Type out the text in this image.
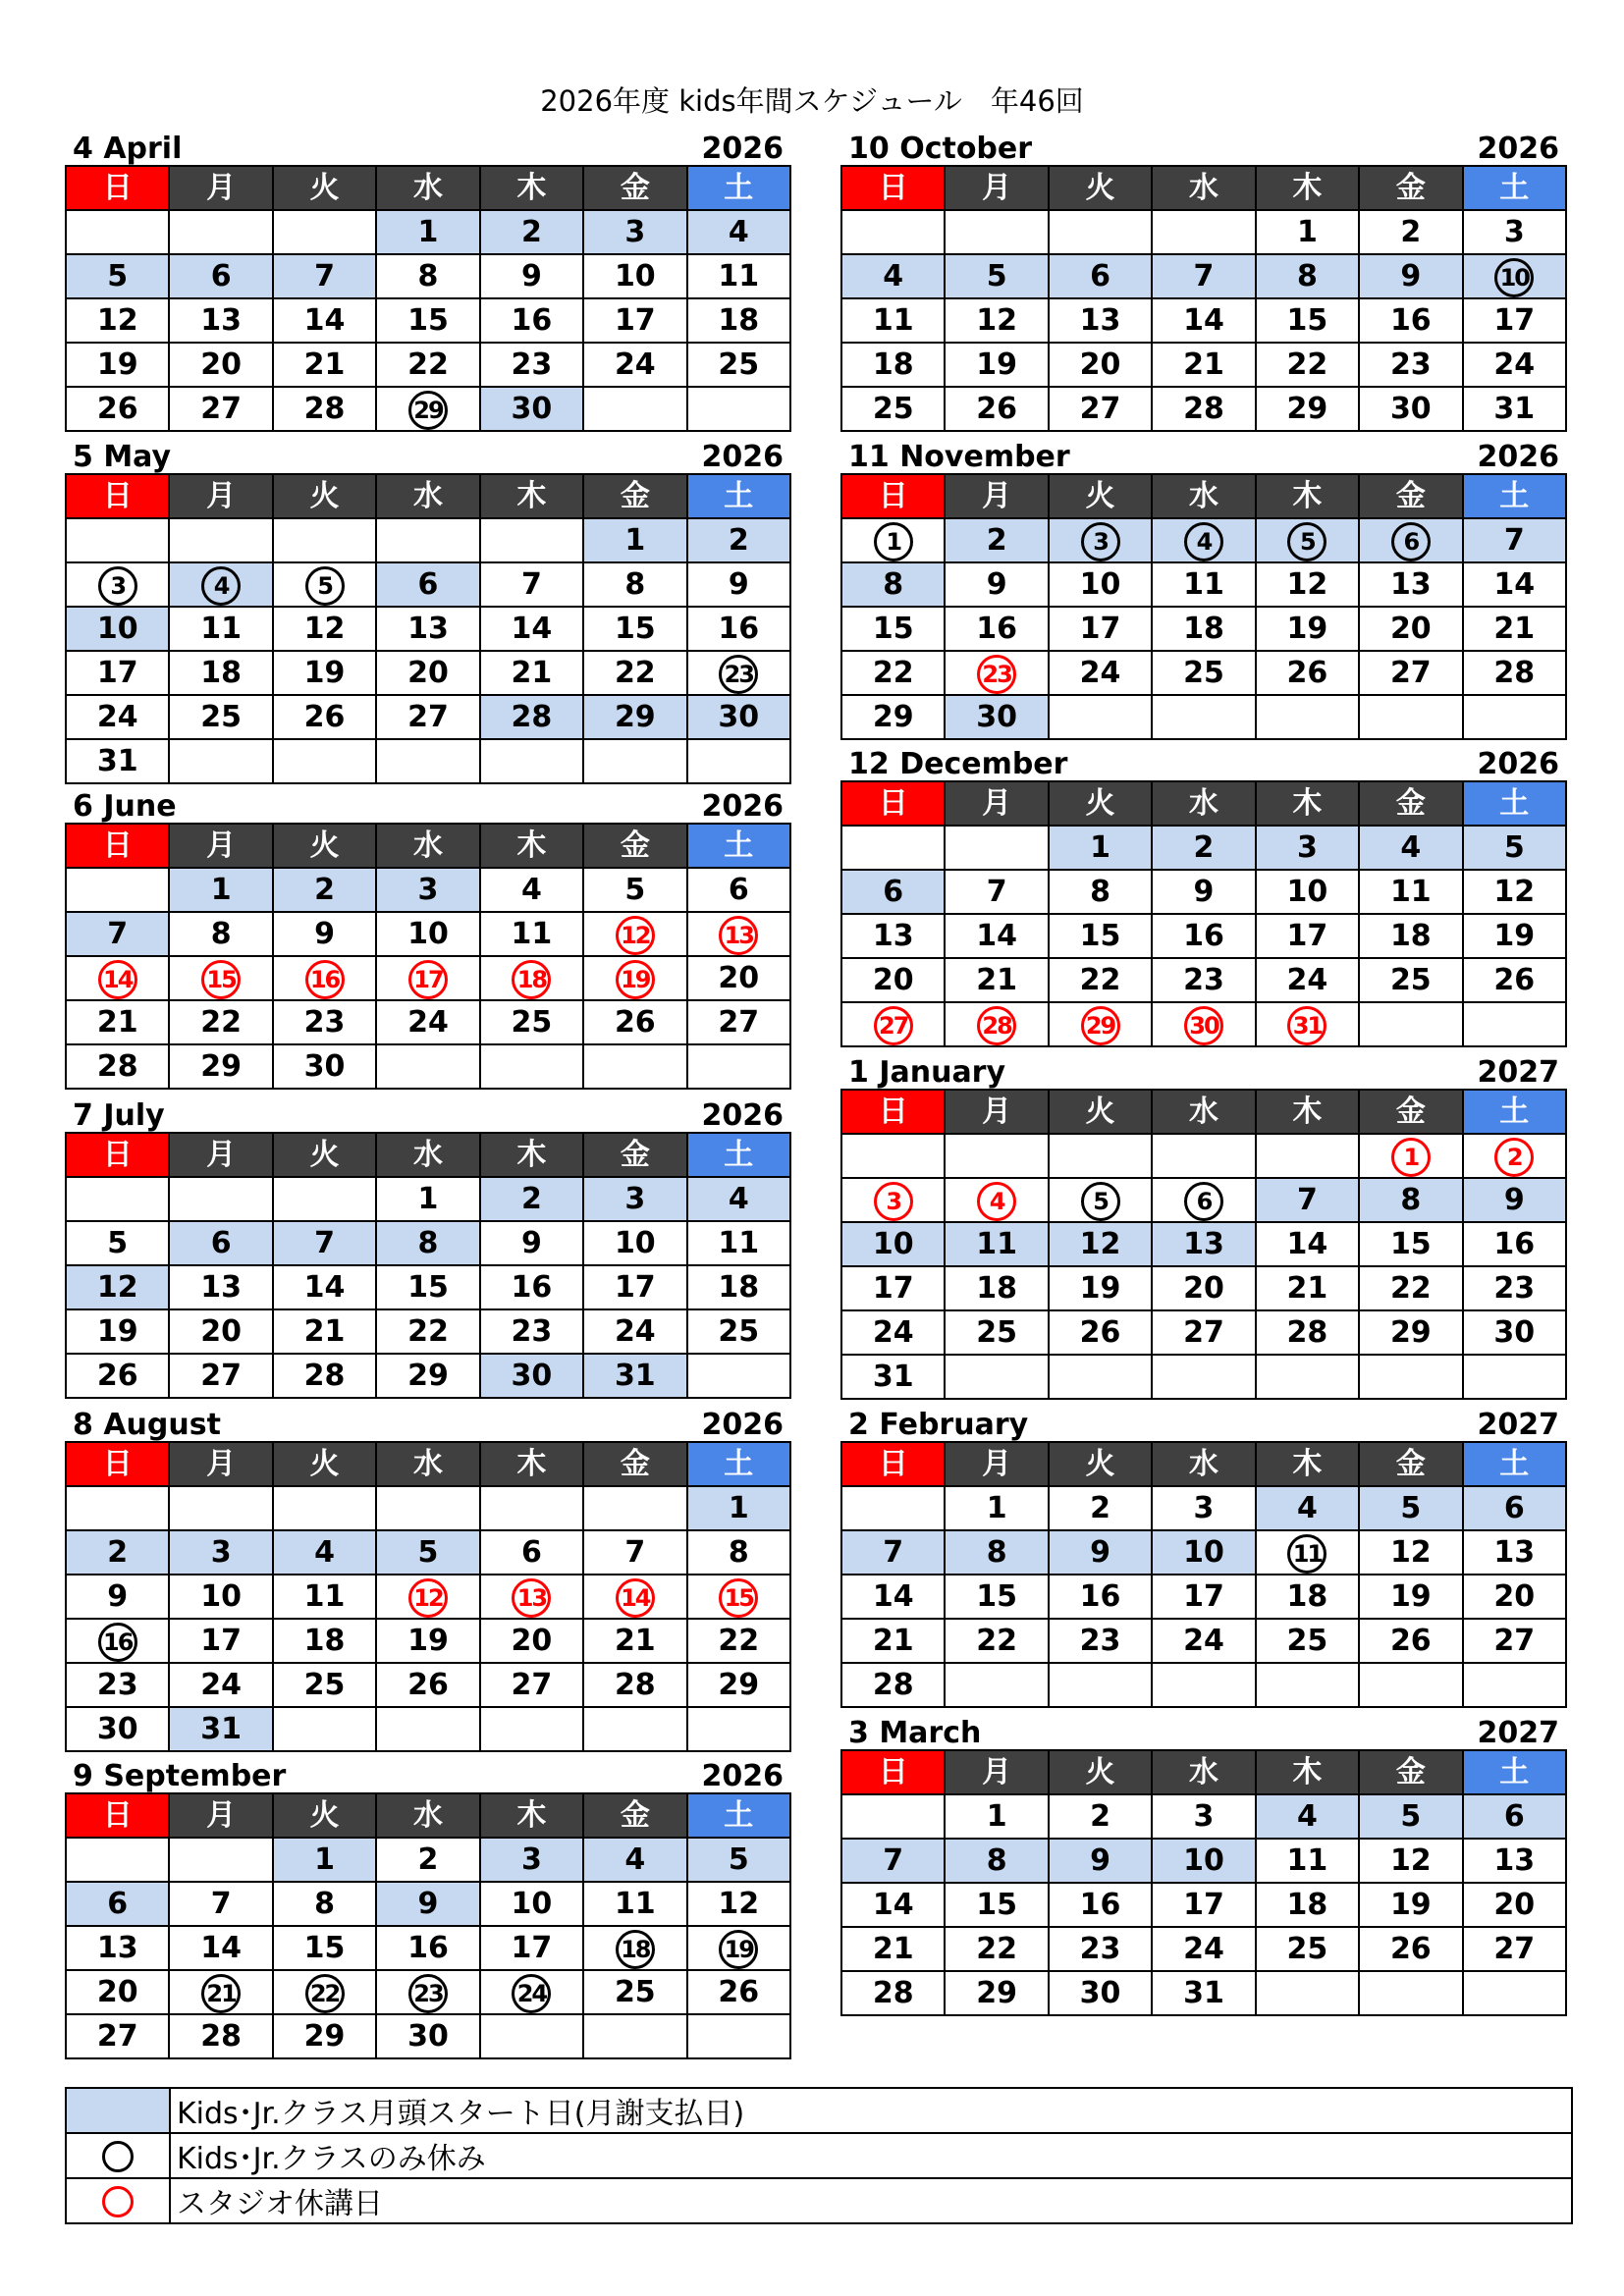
2026年度 kids年間スケジュール　年46回
4 April	2026
日	月	火	水	木	金	土
			1	2	3	4
5	6	7	8	9	10	11
12	13	14	15	16	17	18
19	20	21	22	23	24	25
26	27	28	29	30		
5 May	2026
日	月	火	水	木	金	土
					1	2
3	4	5	6	7	8	9
10	11	12	13	14	15	16
17	18	19	20	21	22	23
24	25	26	27	28	29	30
31						
6 June	2026
日	月	火	水	木	金	土
	1	2	3	4	5	6
7	8	9	10	11	12	13
14	15	16	17	18	19	20
21	22	23	24	25	26	27
28	29	30				
7 July	2026
日	月	火	水	木	金	土
			1	2	3	4
5	6	7	8	9	10	11
12	13	14	15	16	17	18
19	20	21	22	23	24	25
26	27	28	29	30	31	
8 August	2026
日	月	火	水	木	金	土
						1
2	3	4	5	6	7	8
9	10	11	12	13	14	15
16	17	18	19	20	21	22
23	24	25	26	27	28	29
30	31					
9 September	2026
日	月	火	水	木	金	土
		1	2	3	4	5
6	7	8	9	10	11	12
13	14	15	16	17	18	19
20	21	22	23	24	25	26
27	28	29	30			
10 October	2026
日	月	火	水	木	金	土
				1	2	3
4	5	6	7	8	9	10
11	12	13	14	15	16	17
18	19	20	21	22	23	24
25	26	27	28	29	30	31
11 November	2026
日	月	火	水	木	金	土
1	2	3	4	5	6	7
8	9	10	11	12	13	14
15	16	17	18	19	20	21
22	23	24	25	26	27	28
29	30					
12 December	2026
日	月	火	水	木	金	土
		1	2	3	4	5
6	7	8	9	10	11	12
13	14	15	16	17	18	19
20	21	22	23	24	25	26
27	28	29	30	31		
1 January	2027
日	月	火	水	木	金	土
					1	2
3	4	5	6	7	8	9
10	11	12	13	14	15	16
17	18	19	20	21	22	23
24	25	26	27	28	29	30
31						
2 February	2027
日	月	火	水	木	金	土
	1	2	3	4	5	6
7	8	9	10	11	12	13
14	15	16	17	18	19	20
21	22	23	24	25	26	27
28						
3 March	2027
日	月	火	水	木	金	土
	1	2	3	4	5	6
7	8	9	10	11	12	13
14	15	16	17	18	19	20
21	22	23	24	25	26	27
28	29	30	31			
	Kids･Jr.クラス月頭スタート日(月謝支払日)
	Kids･Jr.クラスのみ休み
	スタジオ休講日
